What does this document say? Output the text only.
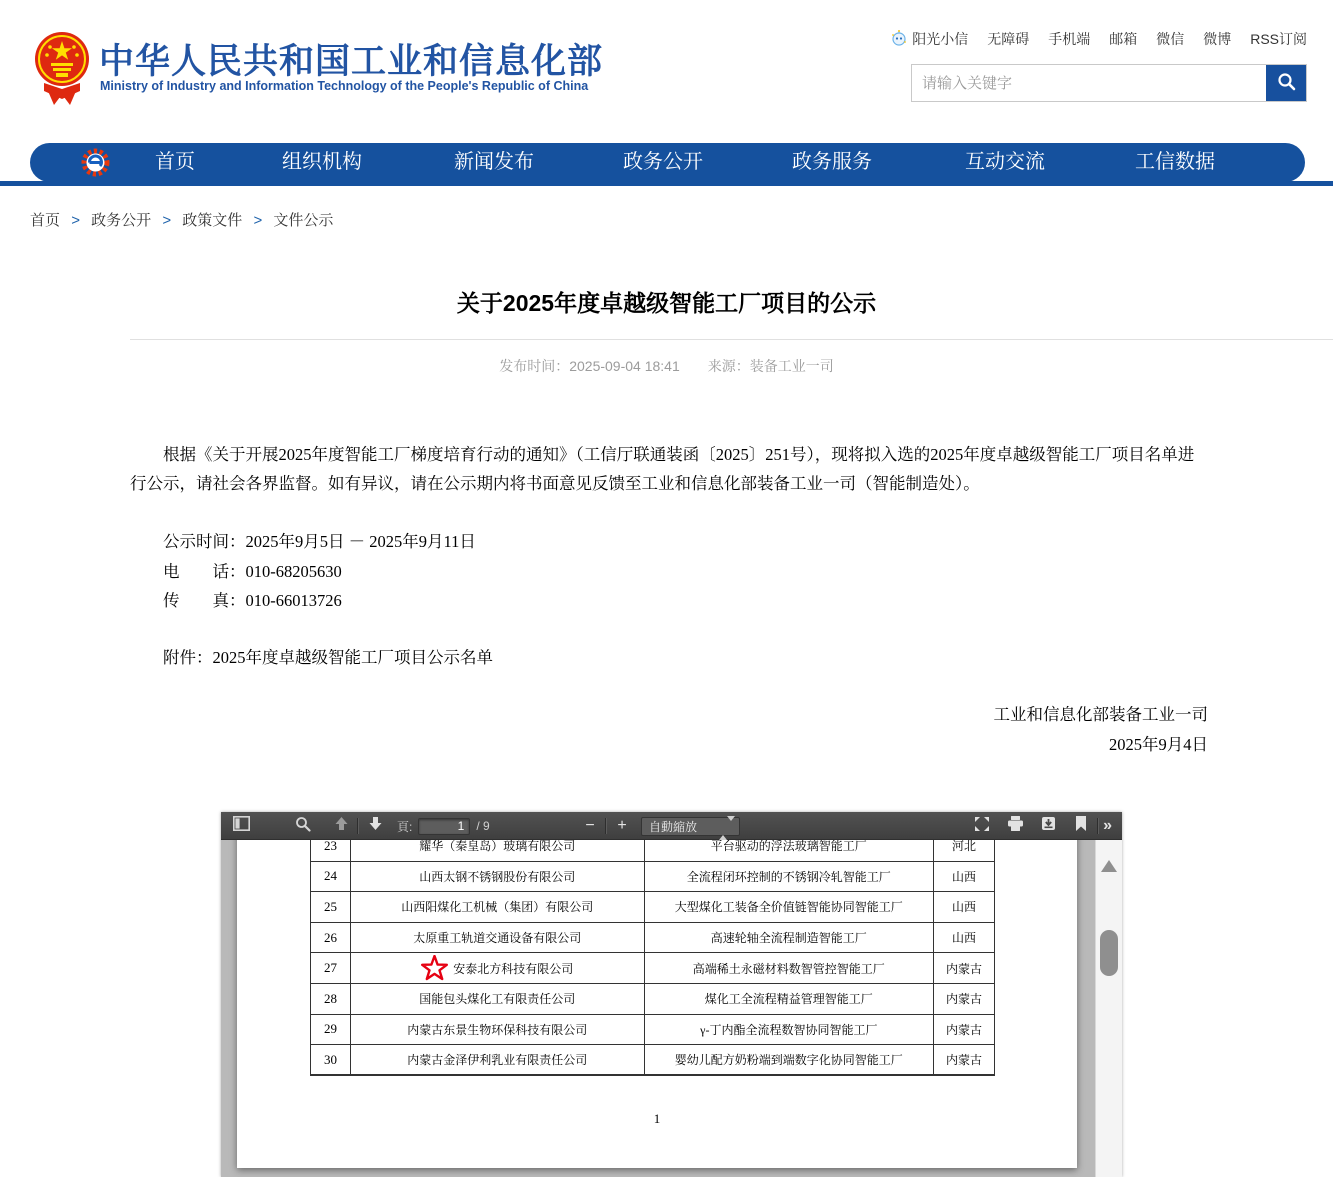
中华人民共和国工业和信息化部
Ministry of Industry and Information Technology of the People's Republic of China
阳光小信 无障碍 手机端 邮箱 微信 微博 RSS订阅
请输入关键字
首页	组织机构	新闻发布	政务公开	政务服务	互动交流	工信数据
首页 > 政务公开 > 政策文件 > 文件公示
关于2025年度卓越级智能工厂项目的公示
发布时间：2025-09-04 18:41 来源：装备工业一司

根据《关于开展2025年度智能工厂梯度培育行动的通知》（工信厅联通装函〔2025〕251号），现将拟入选的2025年度卓越级智能工厂项目名单进行公示，请社会各界监督。如有异议，请在公示期内将书面意见反馈至工业和信息化部装备工业一司（智能制造处）。

公示时间：2025年9月5日 － 2025年9月11日
电　　话：010-68205630
传　　真：010-66013726
附件：2025年度卓越级智能工厂项目公示名单
工业和信息化部装备工业一司
2025年9月4日
頁:
1	/ 9	−	+	自動縮放	»
23	耀华（秦皇岛）玻璃有限公司	平台驱动的浮法玻璃智能工厂	河北
24	山西太钢不锈钢股份有限公司	全流程闭环控制的不锈钢冷轧智能工厂	山西
25	山西阳煤化工机械（集团）有限公司	大型煤化工装备全价值链智能协同智能工厂	山西
26	太原重工轨道交通设备有限公司	高速轮轴全流程制造智能工厂	山西
27	安泰北方科技有限公司	高端稀土永磁材料数智管控智能工厂	内蒙古
28	国能包头煤化工有限责任公司	煤化工全流程精益管理智能工厂	内蒙古
29	内蒙古东景生物环保科技有限公司	γ-丁内酯全流程数智协同智能工厂	内蒙古
30	内蒙古金泽伊利乳业有限责任公司	婴幼儿配方奶粉端到端数字化协同智能工厂	内蒙古
1
